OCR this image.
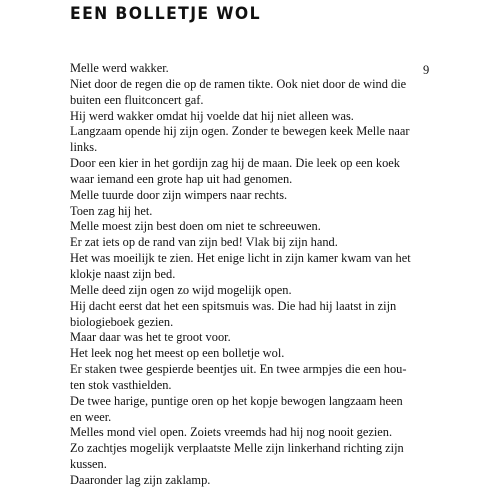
EEN BOLLETJE WOL
9
Melle werd wakker.
Niet door de regen die op de ramen tikte. Ook niet door de wind die
buiten een fluitconcert gaf.
Hij werd wakker omdat hij voelde dat hij niet alleen was.
Langzaam opende hij zijn ogen. Zonder te bewegen keek Melle naar
links.
Door een kier in het gordijn zag hij de maan. Die leek op een koek
waar iemand een grote hap uit had genomen.
Melle tuurde door zijn wimpers naar rechts.
Toen zag hij het.
Melle moest zijn best doen om niet te schreeuwen.
Er zat iets op de rand van zijn bed! Vlak bij zijn hand.
Het was moeilijk te zien. Het enige licht in zijn kamer kwam van het
klokje naast zijn bed.
Melle deed zijn ogen zo wijd mogelijk open.
Hij dacht eerst dat het een spitsmuis was. Die had hij laatst in zijn
biologieboek gezien.
Maar daar was het te groot voor.
Het leek nog het meest op een bolletje wol.
Er staken twee gespierde beentjes uit. En twee armpjes die een hou-
ten stok vasthielden.
De twee harige, puntige oren op het kopje bewogen langzaam heen
en weer.
Melles mond viel open. Zoiets vreemds had hij nog nooit gezien.
Zo zachtjes mogelijk verplaatste Melle zijn linkerhand richting zijn
kussen.
Daaronder lag zijn zaklamp.
